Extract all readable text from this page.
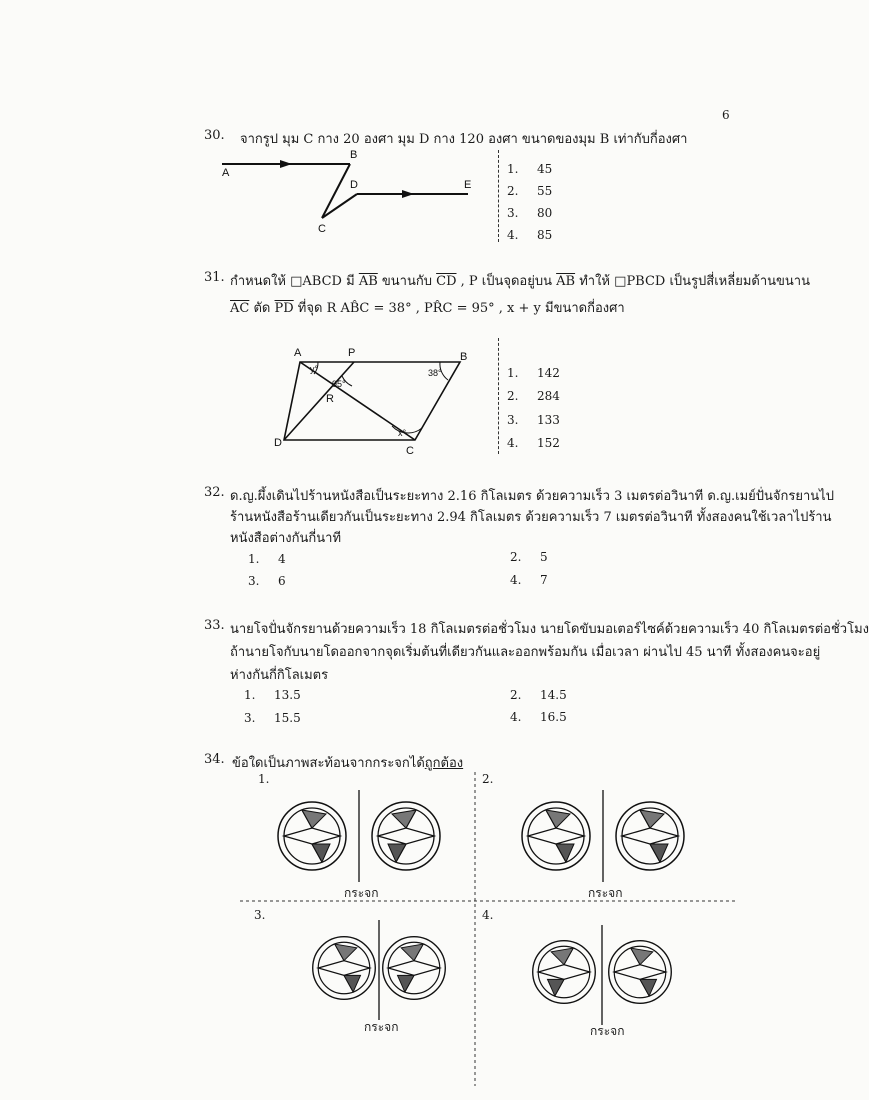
6
30. จากรูป มุม C กาง 20 องศา มุม D กาง 120 องศา ขนาดของมุม B เท่ากับกี่องศา
A
B
C
D	E
1. 45
2. 55
3. 80
4. 85
31. กำหนดให้ □ABCD มี $\overline{AB}$ ขนานกับ $\overline{CD}$ , P เป็นจุดอยู่บน $\overline{AB}$ ทำให้ □PBCD เป็นรูปสี่เหลี่ยมด้านขนาน
$\overline{AC}$ ตัด $\overline{PD}$ ที่จุด R AB̂C = 38° , PR̂C = 95° , x + y มีขนาดกี่องศา
A	P	B
R
D
C
y°
95°
38°
x°
1. 142
2. 284
3. 133
4. 152
32. ด.ญ.ผึ้งเดินไปร้านหนังสือเป็นระยะทาง 2.16 กิโลเมตร ด้วยความเร็ว 3 เมตรต่อวินาที ด.ญ.เมย์ปั่นจักรยานไป
ร้านหนังสือร้านเดียวกันเป็นระยะทาง 2.94 กิโลเมตร ด้วยความเร็ว 7 เมตรต่อวินาที ทั้งสองคนใช้เวลาไปร้าน
หนังสือต่างกันกี่นาที
1. 4	2. 5
3. 6	4. 7
33. นายโจปั่นจักรยานด้วยความเร็ว 18 กิโลเมตรต่อชั่วโมง นายโดขับมอเตอร์ไซค์ด้วยความเร็ว 40 กิโลเมตรต่อชั่วโมง
ถ้านายโจกับนายโดออกจากจุดเริ่มต้นที่เดียวกันและออกพร้อมกัน เมื่อเวลา ผ่านไป 45 นาที ทั้งสองคนจะอยู่
ห่างกันกี่กิโลเมตร
1. 13.5	2. 14.5
3. 15.5	4. 16.5
34. ข้อใดเป็นภาพสะท้อนจากกระจกได้ถูกต้อง
1.	2.
3.	4.
กระจก	กระจก
กระจก	กระจก
